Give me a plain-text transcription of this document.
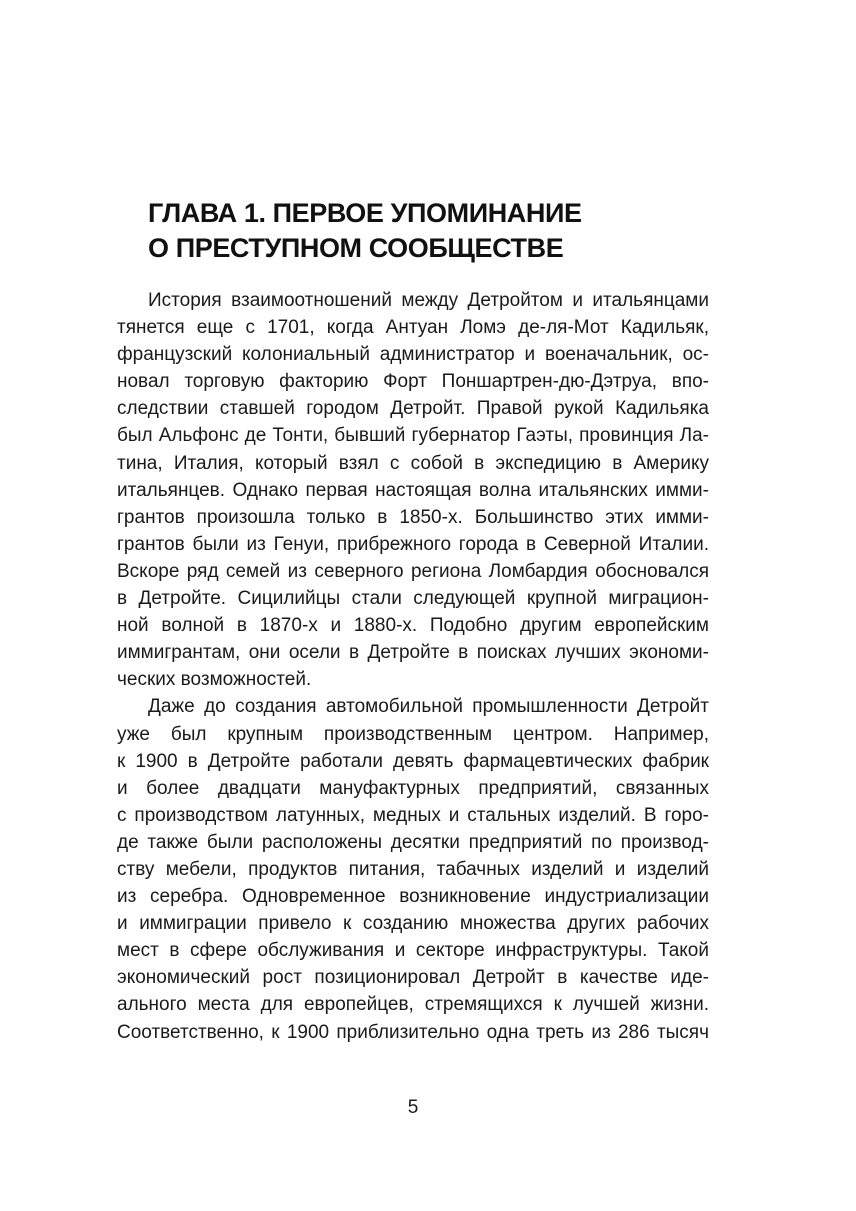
ГЛАВА 1. ПЕРВОЕ УПОМИНАНИЕ
О ПРЕСТУПНОМ СООБЩЕСТВЕ
История взаимоотношений между Детройтом и итальянцами
тянется еще с 1701, когда Антуан Ломэ де-ля-Мот Кадильяк,
французский колониальный администратор и военачальник, ос-
новал торговую факторию Форт Поншартрен-дю-Дэтруа, впо-
следствии ставшей городом Детройт. Правой рукой Кадильяка
был Альфонс де Тонти, бывший губернатор Гаэты, провинция Ла-
тина, Италия, который взял с собой в экспедицию в Америку
итальянцев. Однако первая настоящая волна итальянских имми-
грантов произошла только в 1850-х. Большинство этих имми-
грантов были из Генуи, прибрежного города в Северной Италии.
Вскоре ряд семей из северного региона Ломбардия обосновался
в Детройте. Сицилийцы стали следующей крупной миграцион-
ной волной в 1870-х и 1880-х. Подобно другим европейским
иммигрантам, они осели в Детройте в поисках лучших экономи-
ческих возможностей.
Даже до создания автомобильной промышленности Детройт
уже был крупным производственным центром. Например,
к 1900 в Детройте работали девять фармацевтических фабрик
и более двадцати мануфактурных предприятий, связанных
с производством латунных, медных и стальных изделий. В горо-
де также были расположены десятки предприятий по производ-
ству мебели, продуктов питания, табачных изделий и изделий
из серебра. Одновременное возникновение индустриализации
и иммиграции привело к созданию множества других рабочих
мест в сфере обслуживания и секторе инфраструктуры. Такой
экономический рост позиционировал Детройт в качестве иде-
ального места для европейцев, стремящихся к лучшей жизни.
Соответственно, к 1900 приблизительно одна треть из 286 тысяч
5
